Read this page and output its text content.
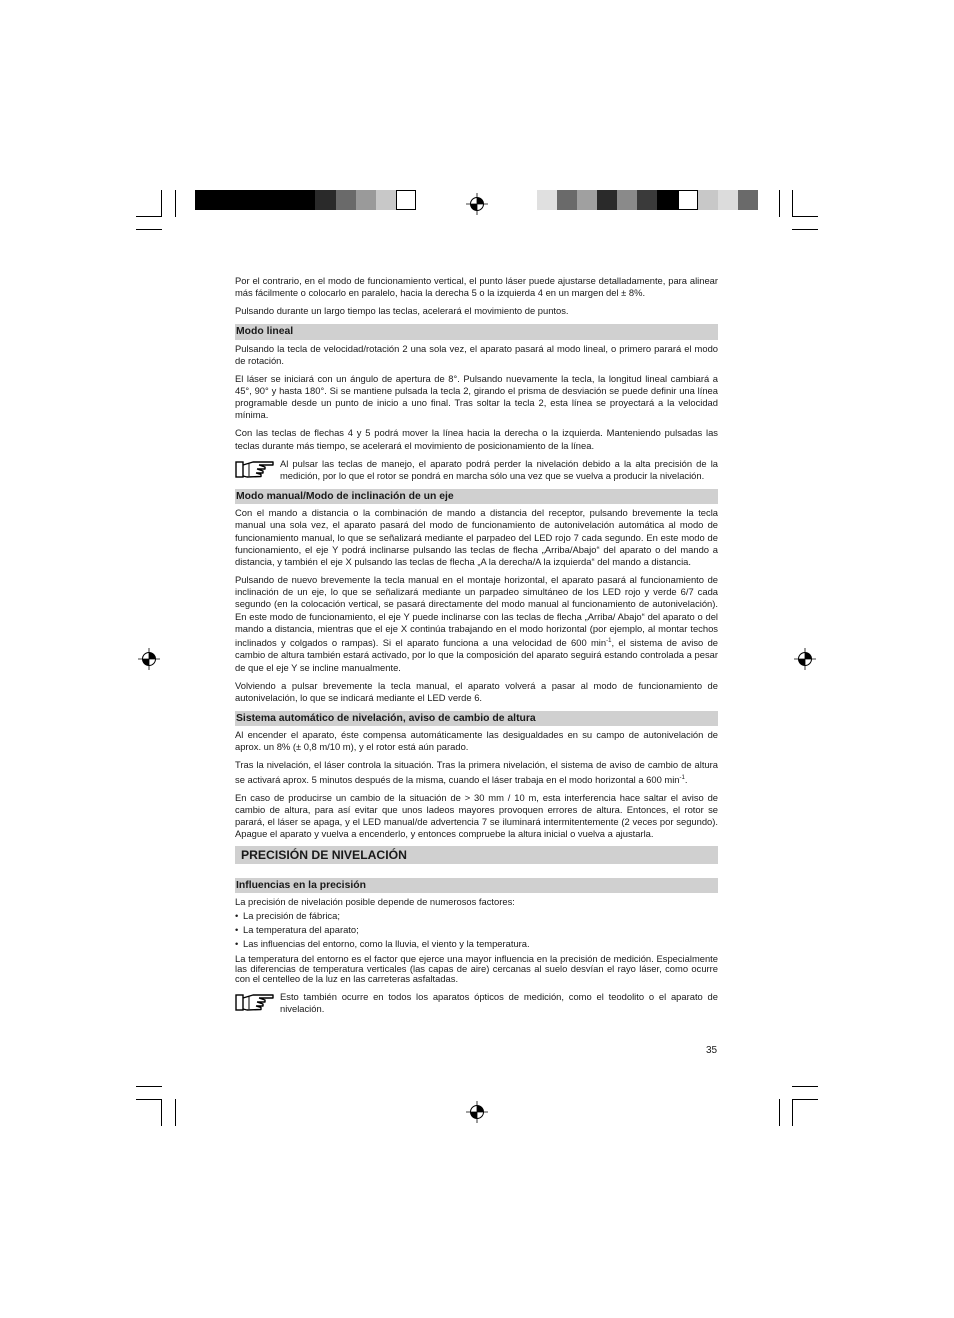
Por el contrario, en el modo de funcionamiento vertical, el punto láser puede ajustarse detalladamente, para alinear más fácilmente o colocarlo en paralelo, hacia la derecha 5 o la izquierda 4 en un margen del ± 8%.

Pulsando durante un largo tiempo las teclas, acelerará el movimiento de puntos.

Modo lineal

Pulsando la tecla de velocidad/rotación 2 una sola vez, el aparato pasará al modo lineal, o primero parará el modo de rotación.

El láser se iniciará con un ángulo de apertura de 8°. Pulsando nuevamente la tecla, la longitud lineal cambiará a 45°, 90° y hasta 180°. Si se mantiene pulsada la tecla 2, girando el prisma de desviación se puede definir una línea programable desde un punto de inicio a uno final. Tras soltar la tecla 2, esta línea se proyectará a la velocidad mínima.

Con las teclas de flechas 4 y 5 podrá mover la línea hacia la derecha o la izquierda. Manteniendo pulsadas las teclas durante más tiempo, se acelerará el movimiento de posicionamiento de la línea.

Al pulsar las teclas de manejo, el aparato podrá perder la nivelación debido a la alta precisión de la medición, por lo que el rotor se pondrá en marcha sólo una vez que se vuelva a producir la nivelación.
Modo manual/Modo de inclinación de un eje

Con el mando a distancia o la combinación de mando a distancia del receptor, pulsando brevemente la tecla manual una sola vez, el aparato pasará del modo de funcionamiento de autonivelación automática al modo de funcionamiento manual, lo que se señalizará mediante el parpadeo del LED rojo 7 cada segundo. En este modo de funcionamiento, el eje Y podrá inclinarse pulsando las teclas de flecha „Arriba/Abajo“ del aparato o del mando a distancia, y también el eje X pulsando las teclas de flecha „A la derecha/A la izquierda“ del mando a distancia.

Pulsando de nuevo brevemente la tecla manual en el montaje horizontal, el aparato pasará al funcionamiento de inclinación de un eje, lo que se señalizará mediante un parpadeo simultáneo de los LED rojo y verde 6/7 cada segundo (en la colocación vertical, se pasará directamente del modo manual al funcionamiento de autonivelación). En este modo de funcionamiento, el eje Y puede inclinarse con las teclas de flecha „Arriba/ Abajo“ del aparato o del mando a distancia, mientras que el eje X continúa trabajando en el modo horizontal (por ejemplo, al montar techos inclinados y colgados o rampas). Si el aparato funciona a una velocidad de 600 $\min^{-1}$, el sistema de aviso de cambio de altura también estará activado, por lo que la composición del aparato seguirá estando controlada a pesar de que el eje Y se incline manualmente.

Volviendo a pulsar brevemente la tecla manual, el aparato volverá a pasar al modo de funcionamiento de autonivelación, lo que se indicará mediante el LED verde 6.

Sistema automático de nivelación, aviso de cambio de altura

Al encender el aparato, éste compensa automáticamente las desigualdades en su campo de autonivelación de aprox. un 8% (± 0,8 m/10 m), y el rotor está aún parado.

Tras la nivelación, el láser controla la situación. Tras la primera nivelación, el sistema de aviso de cambio de altura se activará aprox. 5 minutos después de la misma, cuando el láser trabaja en el modo horizontal a 600 $\min^{-1}$.

En caso de producirse un cambio de la situación de > 30 mm / 10 m, esta interferencia hace saltar el aviso de cambio de altura, para así evitar que unos ladeos mayores provoquen errores de altura. Entonces, el rotor se parará, el láser se apaga, y el LED manual/de advertencia 7 se iluminará intermitentemente (2 veces por segundo). Apague el aparato y vuelva a encenderlo, y entonces compruebe la altura inicial o vuelva a ajustarla.

PRECISIÓN DE NIVELACIÓN
Influencias en la precisión

La precisión de nivelación posible depende de numerosos factores:

• La precisión de fábrica;
• La temperatura del aparato;
• Las influencias del entorno, como la lluvia, el viento y la temperatura.

La temperatura del entorno es el factor que ejerce una mayor influencia en la precisión de medición. Especialmente las diferencias de temperatura verticales (las capas de aire) cercanas al suelo desvían el rayo láser, como ocurre con el centelleo de la luz en las carreteras asfaltadas.

Esto también ocurre en todos los aparatos ópticos de medición, como el teodolito o el aparato de nivelación.
35
